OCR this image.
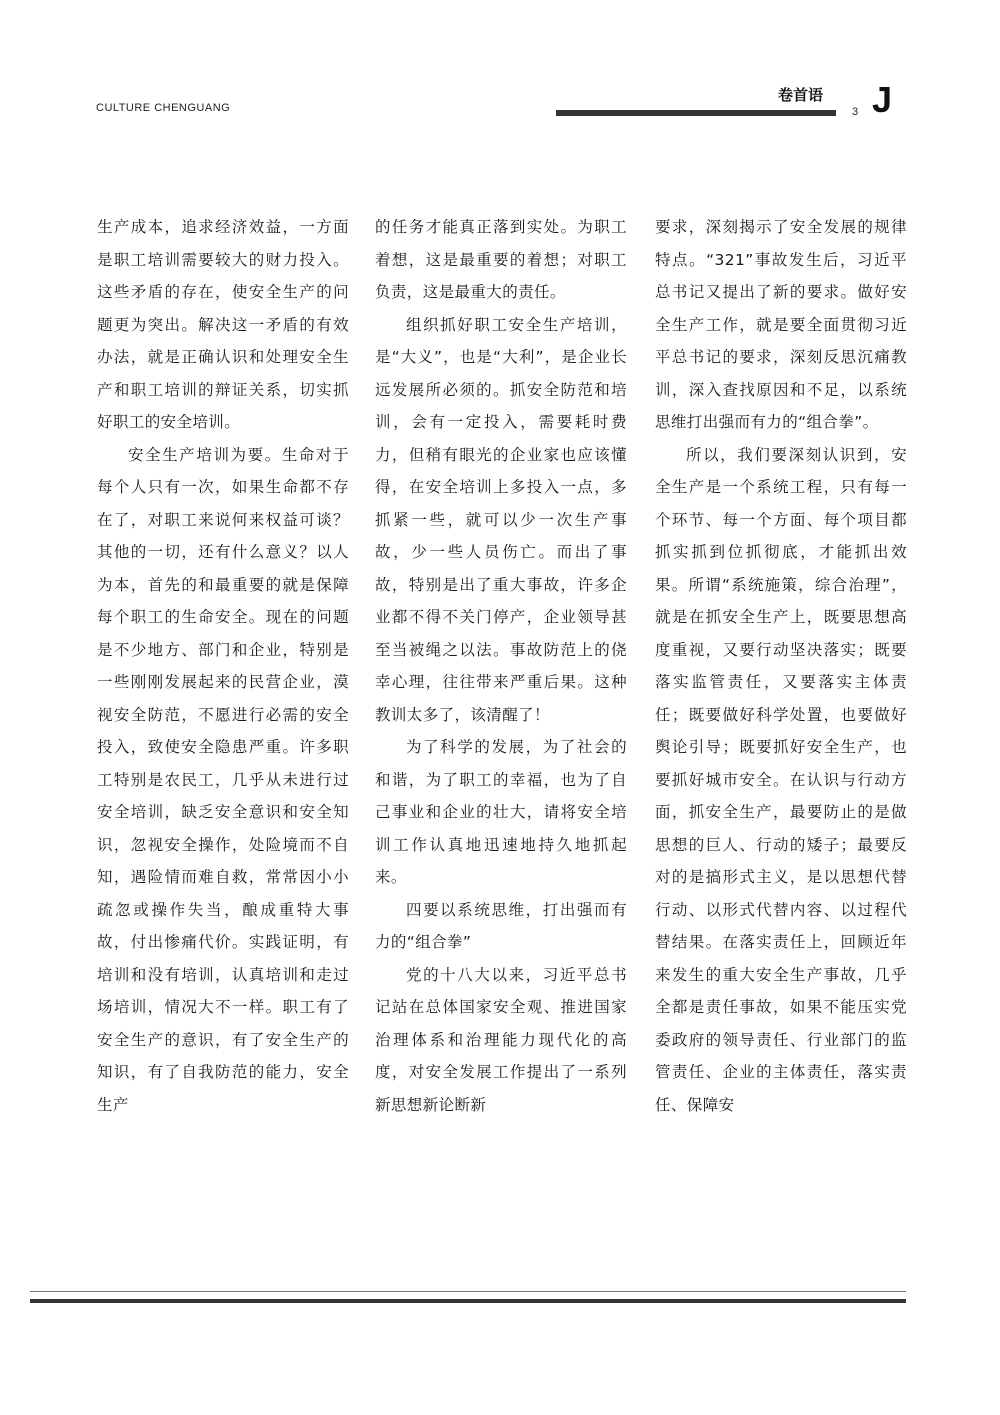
CULTURE CHENGUANG
卷首语
3 J

生产成本，追求经济效益，一方面是职工培训需要较大的财力投入。这些矛盾的存在，使安全生产的问题更为突出。解决这一矛盾的有效办法，就是正确认识和处理安全生产和职工培训的辩证关系，切实抓好职工的安全培训。

安全生产培训为要。生命对于每个人只有一次，如果生命都不存在了，对职工来说何来权益可谈？其他的一切，还有什么意义？以人为本，首先的和最重要的就是保障每个职工的生命安全。现在的问题是不少地方、部门和企业，特别是一些刚刚发展起来的民营企业，漠视安全防范，不愿进行必需的安全投入，致使安全隐患严重。许多职工特别是农民工，几乎从未进行过安全培训，缺乏安全意识和安全知识，忽视安全操作，处险境而不自知，遇险情而难自救，常常因小小疏忽或操作失当，酿成重特大事故，付出惨痛代价。实践证明，有培训和没有培训，认真培训和走过场培训，情况大不一样。职工有了安全生产的意识，有了安全生产的知识，有了自我防范的能力，安全生产

的任务才能真正落到实处。为职工着想，这是最重要的着想；对职工负责，这是最重大的责任。

组织抓好职工安全生产培训，是“大义”，也是“大利”，是企业长远发展所必须的。抓安全防范和培训，会有一定投入，需要耗时费力，但稍有眼光的企业家也应该懂得，在安全培训上多投入一点，多抓紧一些，就可以少一次生产事故，少一些人员伤亡。而出了事故，特别是出了重大事故，许多企业都不得不关门停产，企业领导甚至当被绳之以法。事故防范上的侥幸心理，往往带来严重后果。这种教训太多了，该清醒了！

为了科学的发展，为了社会的和谐，为了职工的幸福，也为了自己事业和企业的壮大，请将安全培训工作认真地迅速地持久地抓起来。

四要以系统思维，打出强而有力的“组合拳”

党的十八大以来，习近平总书记站在总体国家安全观、推进国家治理体系和治理能力现代化的高度，对安全发展工作提出了一系列新思想新论断新

要求，深刻揭示了安全发展的规律特点。“321”事故发生后，习近平总书记又提出了新的要求。做好安全生产工作，就是要全面贯彻习近平总书记的要求，深刻反思沉痛教训，深入查找原因和不足，以系统思维打出强而有力的“组合拳”。

所以，我们要深刻认识到，安全生产是一个系统工程，只有每一个环节、每一个方面、每个项目都抓实抓到位抓彻底，才能抓出效果。所谓“系统施策，综合治理”，就是在抓安全生产上，既要思想高度重视，又要行动坚决落实；既要落实监管责任，又要落实主体责任；既要做好科学处置，也要做好舆论引导；既要抓好安全生产，也要抓好城市安全。在认识与行动方面，抓安全生产，最要防止的是做思想的巨人、行动的矮子；最要反对的是搞形式主义，是以思想代替行动、以形式代替内容、以过程代替结果。在落实责任上，回顾近年来发生的重大安全生产事故，几乎全都是责任事故，如果不能压实党委政府的领导责任、行业部门的监管责任、企业的主体责任，落实责任、保障安
